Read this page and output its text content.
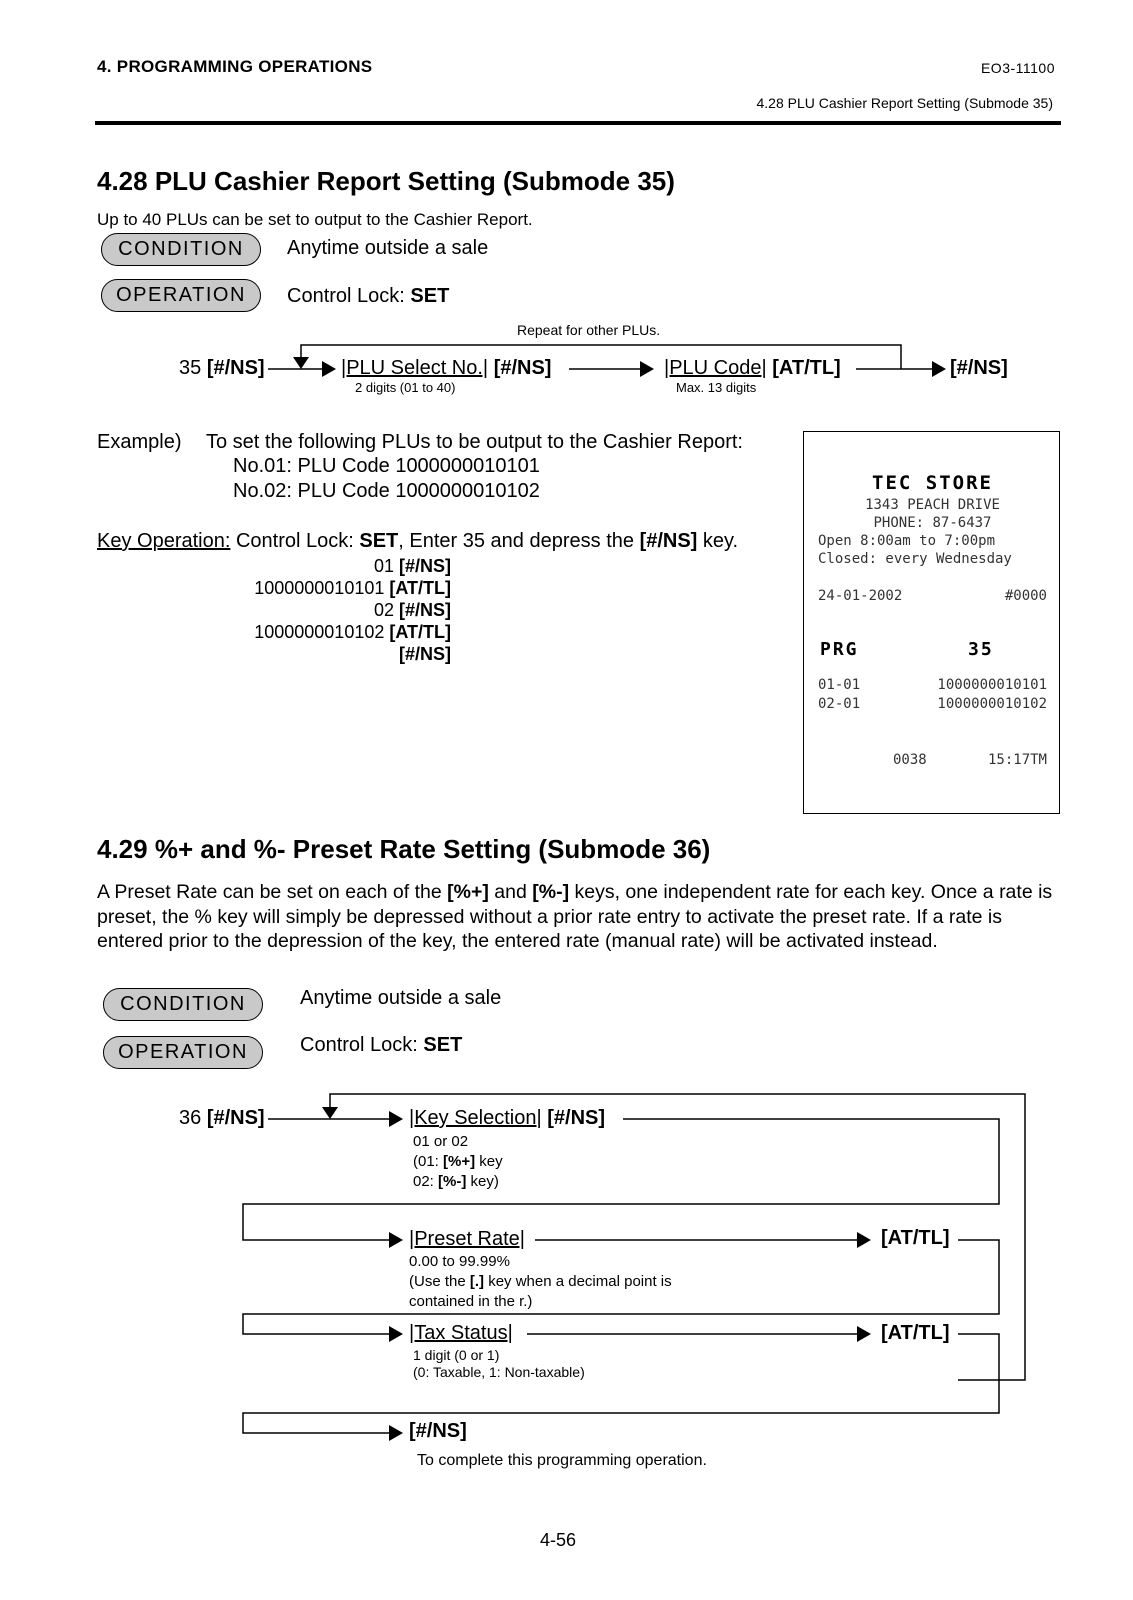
4. PROGRAMMING OPERATIONS	EO3-11100
4.28 PLU Cashier Report Setting (Submode 35)
4.28 PLU Cashier Report Setting (Submode 35)
Up to 40 PLUs can be set to output to the Cashier Report.
CONDITION Anytime outside a sale
OPERATION Control Lock: SET
Repeat for other PLUs.
35 [#/NS]	|PLU Select No.| [#/NS]
2 digits (01 to 40)
|PLU Code| [AT/TL]
Max. 13 digits
[#/NS]
Example) To set the following PLUs to be output to the Cashier Report:
No.01: PLU Code 1000000010101
No.02: PLU Code 1000000010102
Key Operation: Control Lock: SET, Enter 35 and depress the [#/NS] key.
01 [#/NS]
1000000010101 [AT/TL]
02 [#/NS]
1000000010102 [AT/TL]
[#/NS]
TEC STORE
1343 PEACH DRIVE
PHONE: 87-6437
Open 8:00am to 7:00pm
Closed: every Wednesday
24-01-2002	#0000
PRG	35
01-01	1000000010101
02-01	1000000010102
0038	15:17TM
4.29 %+ and %- Preset Rate Setting (Submode 36)
A Preset Rate can be set on each of the [%+] and [%-] keys, one independent rate for each key. Once a rate is preset, the % key will simply be depressed without a prior rate entry to activate the preset rate. If a rate is entered prior to the depression of the key, the entered rate (manual rate) will be activated instead.
CONDITION	Anytime outside a sale
OPERATION	Control Lock: SET
36 [#/NS]	|Key Selection| [#/NS]
01 or 02
(01: [%+] key
02: [%-] key)
|Preset Rate|	[AT/TL]
0.00 to 99.99%
(Use the [.] key when a decimal point is
contained in the r.)
|Tax Status|	[AT/TL]
1 digit (0 or 1)
(0: Taxable, 1: Non-taxable)
[#/NS]
To complete this programming operation.
4-56
